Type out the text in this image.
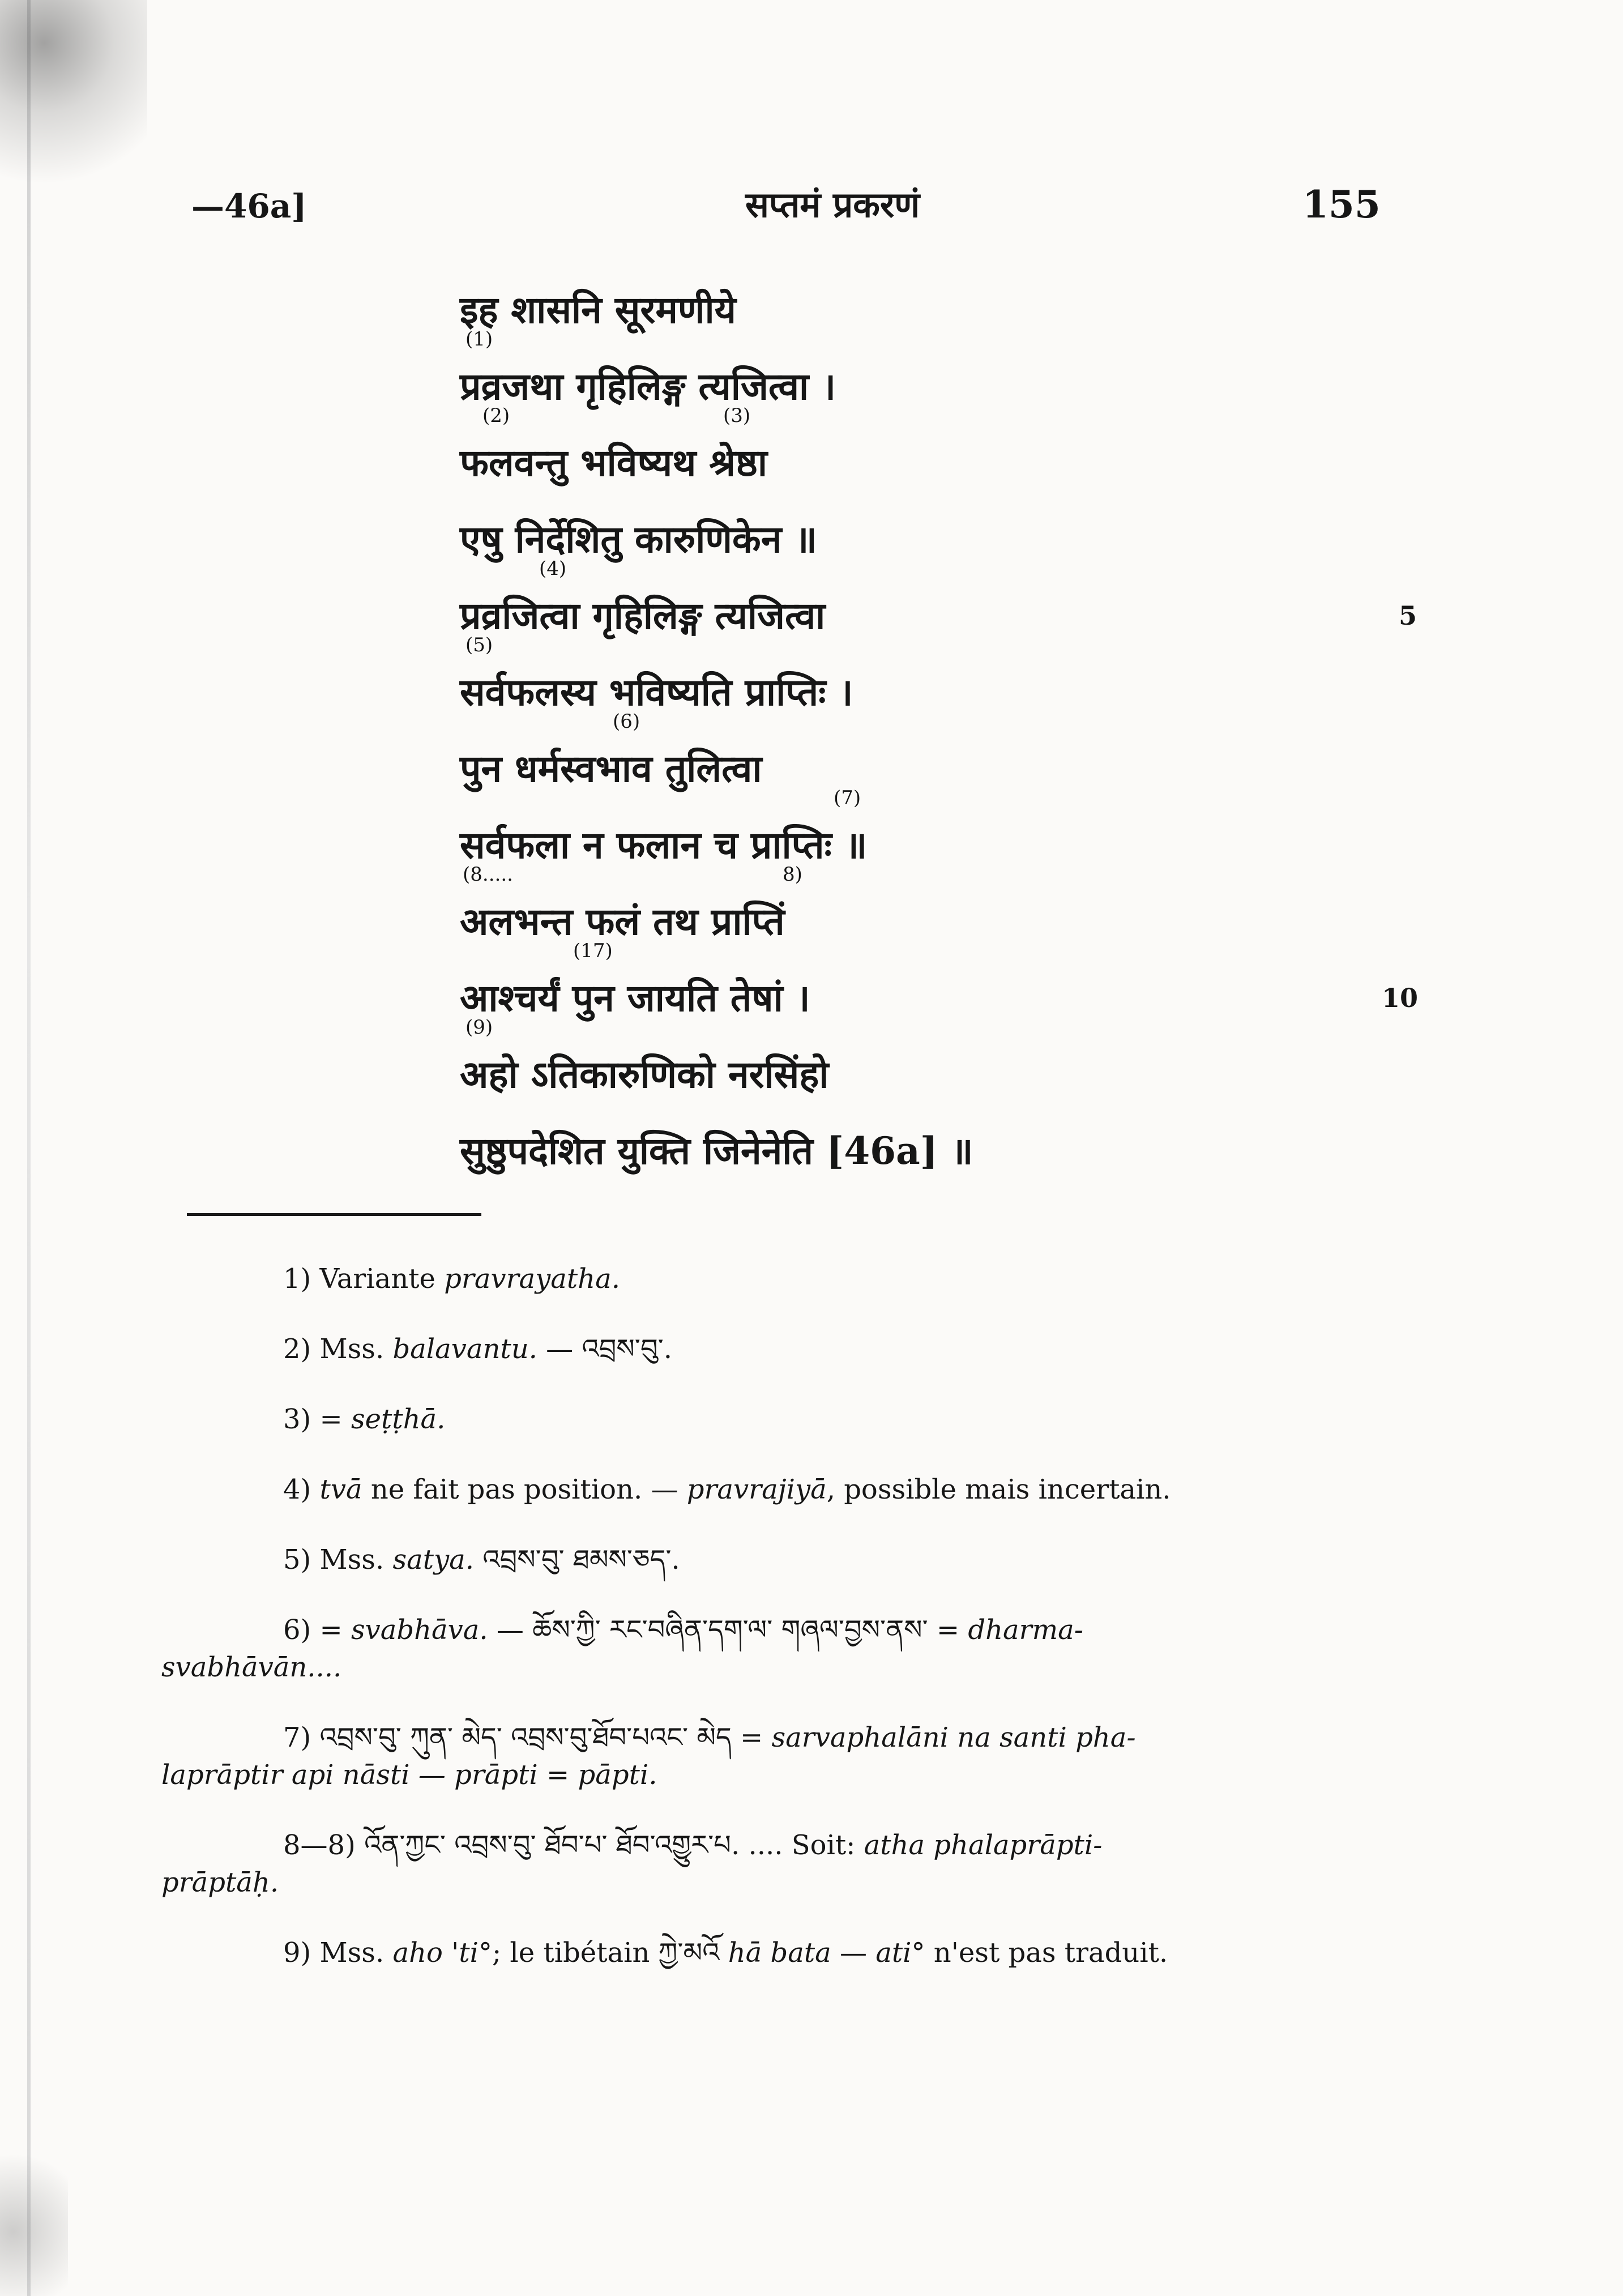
—46a]	सप्तमं प्रकरणं	155
इह शासनि सूरमणीये
प्रव्रजथा गृहिलिङ्ग त्यजित्वा ।
(1)
फलवन्तु भविष्यथ श्रेष्ठा
(2)	(3)
एषु निर्देशितु कारुणिकेन ॥
प्रव्रजित्वा गृहिलिङ्ग त्यजित्वा
(4)
सर्वफलस्य भविष्यति प्राप्तिः ।
(5)
पुन धर्मस्वभाव तुलित्वा
(6)
सर्वफला न फलान च प्राप्तिः ॥
(7)
अलभन्त फलं तथ प्राप्तिं
(8.....	8)
आश्चर्यं पुन जायति तेषां ।
(17)
अहो ऽतिकारुणिको नरसिंहो
(9)
सुष्ठुपदेशित युक्ति जिनेनेति [46a] ॥
5
10
1) Variante pravrayatha.
2) Mss. balavantu. — འབྲས་བུ་.
3) = seṭṭhā.
4) tvā ne fait pas position. — pravrajiyā, possible mais incertain.
5) Mss. satya. འབྲས་བུ་ ཐམས་ཅད་.
6) = svabhāva. — ཆོས་ཀྱི་ རང་བཞིན་དག་ལ་ གཞལ་བྱས་ནས་ = dharma-
svabhāvān....
7) འབྲས་བུ་ ཀུན་ མེད་ འབྲས་བུ་ཐོབ་པའང་ མེད = sarvaphalāni na santi pha-
laprāptir api nāsti — prāpti = pāpti.
8—8) འོན་ཀྱང་ འབྲས་བུ་ ཐོབ་པ་ ཐོབ་འགྱུར་པ. .... Soit: atha phalaprāpti-
prāptāḥ.
9) Mss. aho 'ti°; le tibétain ཀྱེ་མའོ hā bata — ati° n'est pas traduit.
